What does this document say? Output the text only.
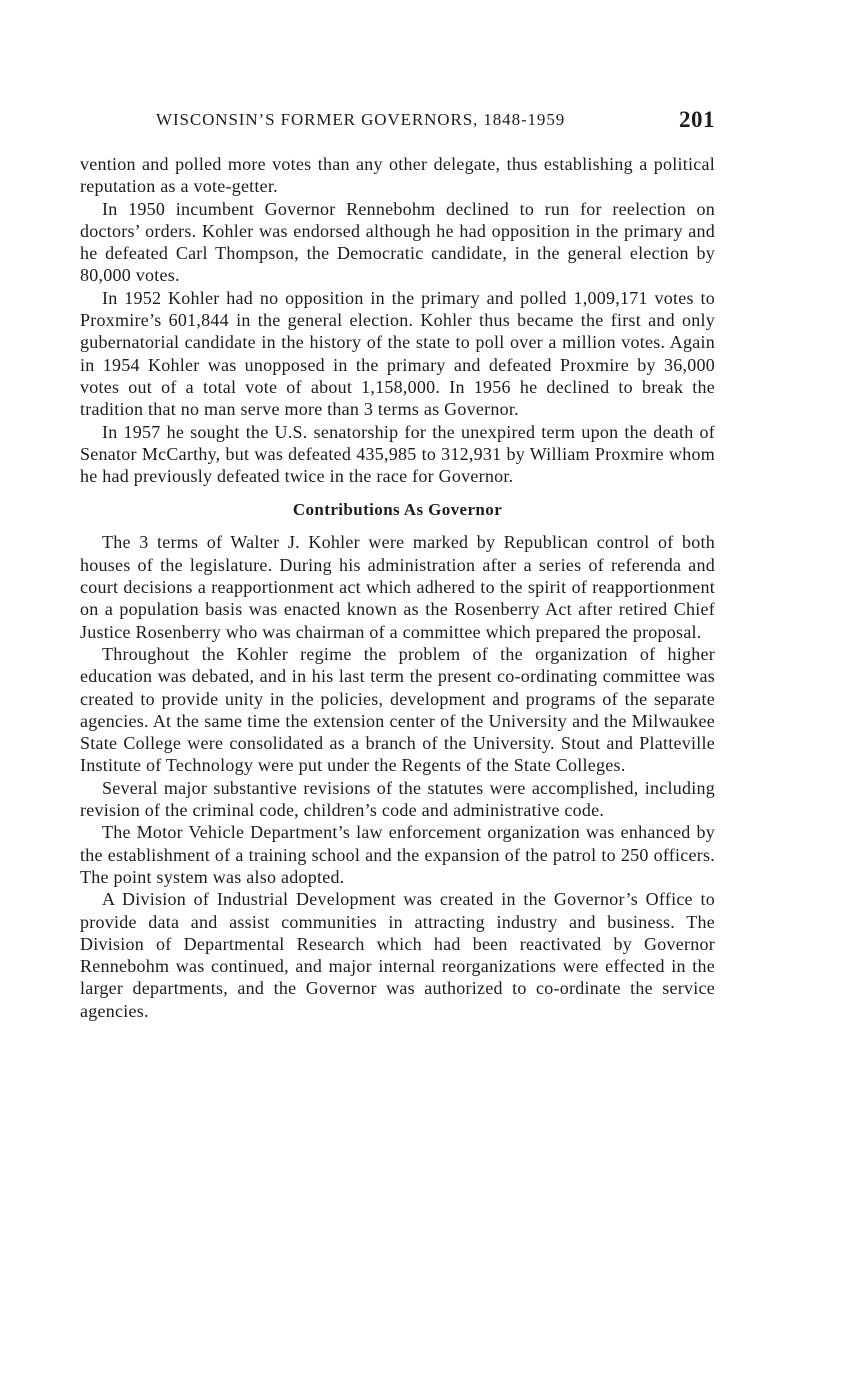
WISCONSIN’S FORMER GOVERNORS, 1848-1959	201

vention and polled more votes than any other delegate, thus establishing a political reputation as a vote-getter.

In 1950 incumbent Governor Rennebohm declined to run for reelection on doctors’ orders. Kohler was endorsed although he had opposition in the primary and he defeated Carl Thompson, the Democratic candidate, in the general election by 80,000 votes.

In 1952 Kohler had no opposition in the primary and polled 1,009,171 votes to Proxmire’s 601,844 in the general election. Kohler thus became the first and only gubernatorial candidate in the history of the state to poll over a million votes. Again in 1954 Kohler was unopposed in the primary and defeated Proxmire by 36,000 votes out of a total vote of about 1,158,000. In 1956 he declined to break the tradition that no man serve more than 3 terms as Governor.

In 1957 he sought the U.S. senatorship for the unexpired term upon the death of Senator McCarthy, but was defeated 435,985 to 312,931 by William Proxmire whom he had previously defeated twice in the race for Governor.

Contributions As Governor

The 3 terms of Walter J. Kohler were marked by Republican control of both houses of the legislature. During his administration after a series of referenda and court decisions a reapportionment act which adhered to the spirit of reapportionment on a population basis was enacted known as the Rosenberry Act after retired Chief Justice Rosenberry who was chairman of a committee which prepared the proposal.

Throughout the Kohler regime the problem of the organization of higher education was debated, and in his last term the present co-ordinating committee was created to provide unity in the policies, development and programs of the separate agencies. At the same time the extension center of the University and the Milwaukee State College were consolidated as a branch of the University. Stout and Platteville Institute of Technology were put under the Regents of the State Colleges.

Several major substantive revisions of the statutes were accomplished, including revision of the criminal code, children’s code and administrative code.

The Motor Vehicle Department’s law enforcement organization was enhanced by the establishment of a training school and the expansion of the patrol to 250 officers. The point system was also adopted.

A Division of Industrial Development was created in the Governor’s Office to provide data and assist communities in attracting industry and business. The Division of Departmental Research which had been reactivated by Governor Rennebohm was continued, and major internal reorganizations were effected in the larger departments, and the Governor was authorized to co-ordinate the service agencies.
